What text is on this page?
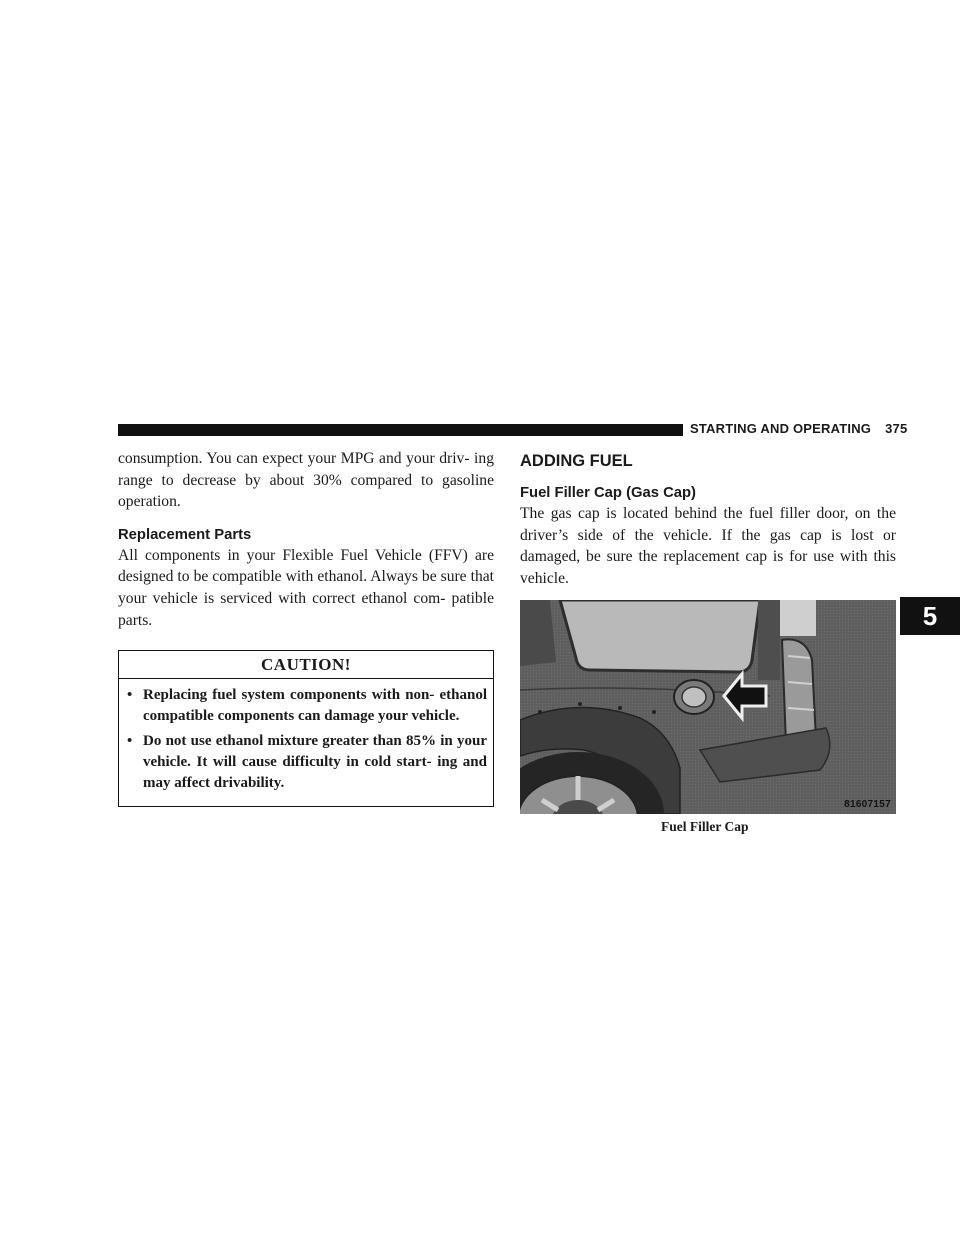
STARTING AND OPERATING 375
5

consumption. You can expect your MPG and your driv- ing range to decrease by about 30% compared to gasoline operation.

Replacement Parts

All components in your Flexible Fuel Vehicle (FFV) are designed to be compatible with ethanol. Always be sure that your vehicle is serviced with correct ethanol com- patible parts.

CAUTION!
• Replacing fuel system components with non- ethanol compatible components can damage your vehicle.
• Do not use ethanol mixture greater than 85% in your vehicle. It will cause difficulty in cold start- ing and may affect drivability.
ADDING FUEL
Fuel Filler Cap (Gas Cap)

The gas cap is located behind the fuel filler door, on the driver’s side of the vehicle. If the gas cap is lost or damaged, be sure the replacement cap is for use with this vehicle.

81607157
Fuel Filler Cap
